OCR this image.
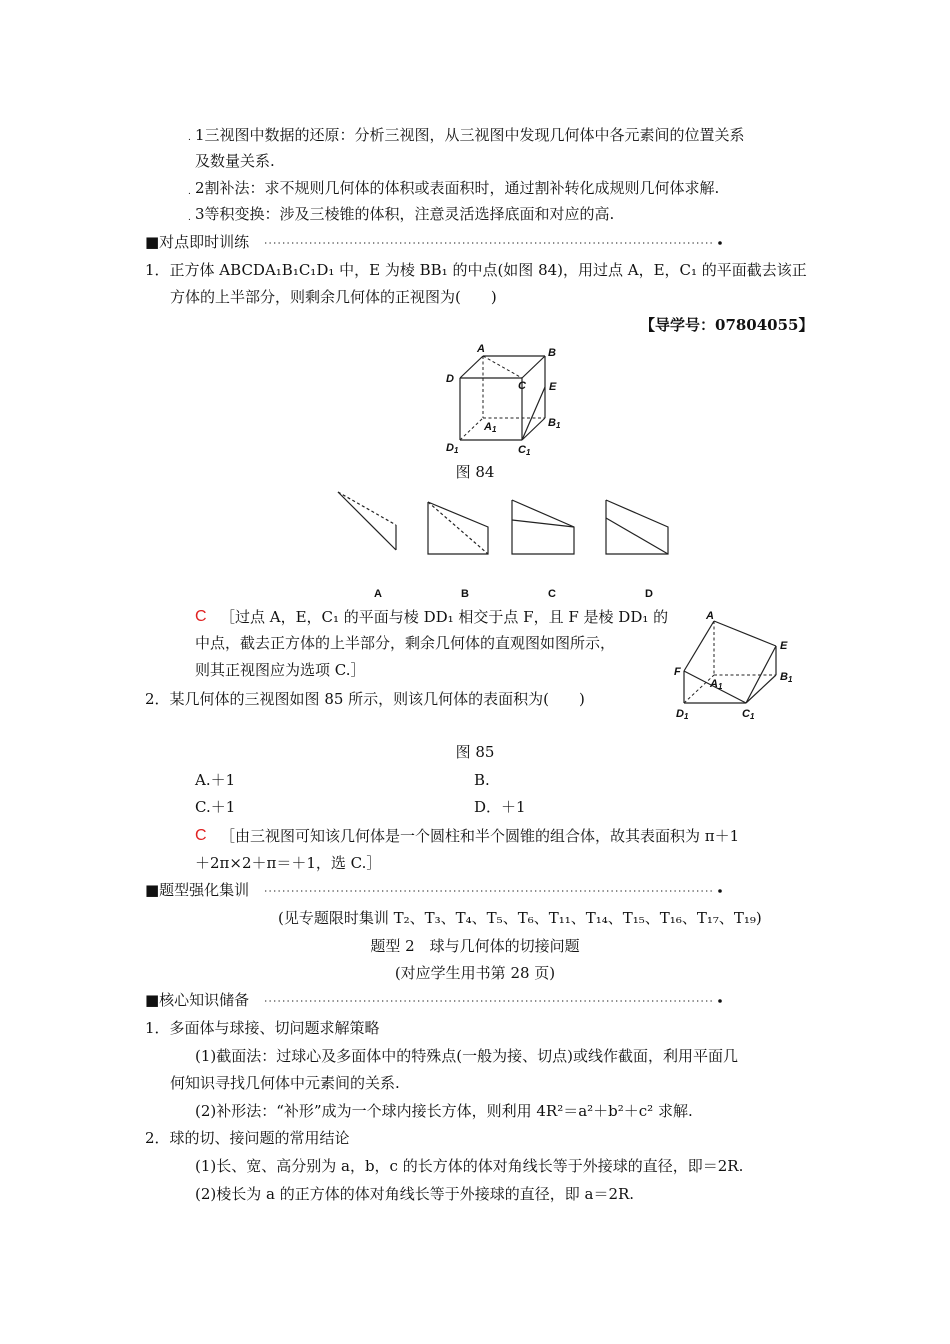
. 1三视图中数据的还原：分析三视图，从三视图中发现几何体中各元素间的位置关系
及数量关系.
. 2割补法：求不规则几何体的体积或表面积时，通过割补转化成规则几何体求解.
. 3等积变换：涉及三棱锥的体积，注意灵活选择底面和对应的高.
■对点即时训练
1．正方体 ABCDA₁B₁C₁D₁ 中，E 为棱 BB₁ 的中点(如图 84)，用过点 A，E，C₁ 的平面截去该正
方体的上半部分，则剩余几何体的正视图为(　　)
【导学号：07804055】
A	B
C
D
E
A1
B1
C1
D1
图 84
A	B	C	D
C ［过点 A，E，C₁ 的平面与棱 DD₁ 相交于点 F，且 F 是棱 DD₁ 的
中点，截去正方体的上半部分，剩余几何体的直观图如图所示，
则其正视图应为选项 C.］
A
E
F
A1
B1
C1
D1
2．某几何体的三视图如图 85 所示，则该几何体的表面积为(　　)
图 85
A.＋1	B.
C.＋1	D．＋1
C ［由三视图可知该几何体是一个圆柱和半个圆锥的组合体，故其表面积为 π＋1
＋2π×2＋π＝＋1，选 C.］
■题型强化集训
(见专题限时集训 T₂、T₃、T₄、T₅、T₆、T₁₁、T₁₄、T₁₅、T₁₆、T₁₇、T₁₉)
题型 2　球与几何体的切接问题
(对应学生用书第 28 页)
■核心知识储备
1．多面体与球接、切问题求解策略
(1)截面法：过球心及多面体中的特殊点(一般为接、切点)或线作截面，利用平面几
何知识寻找几何体中元素间的关系.
(2)补形法：“补形”成为一个球内接长方体，则利用 4R²＝a²＋b²＋c² 求解.
2．球的切、接问题的常用结论
(1)长、宽、高分别为 a，b，c 的长方体的体对角线长等于外接球的直径，即＝2R.
(2)棱长为 a 的正方体的体对角线长等于外接球的直径，即 a＝2R.
